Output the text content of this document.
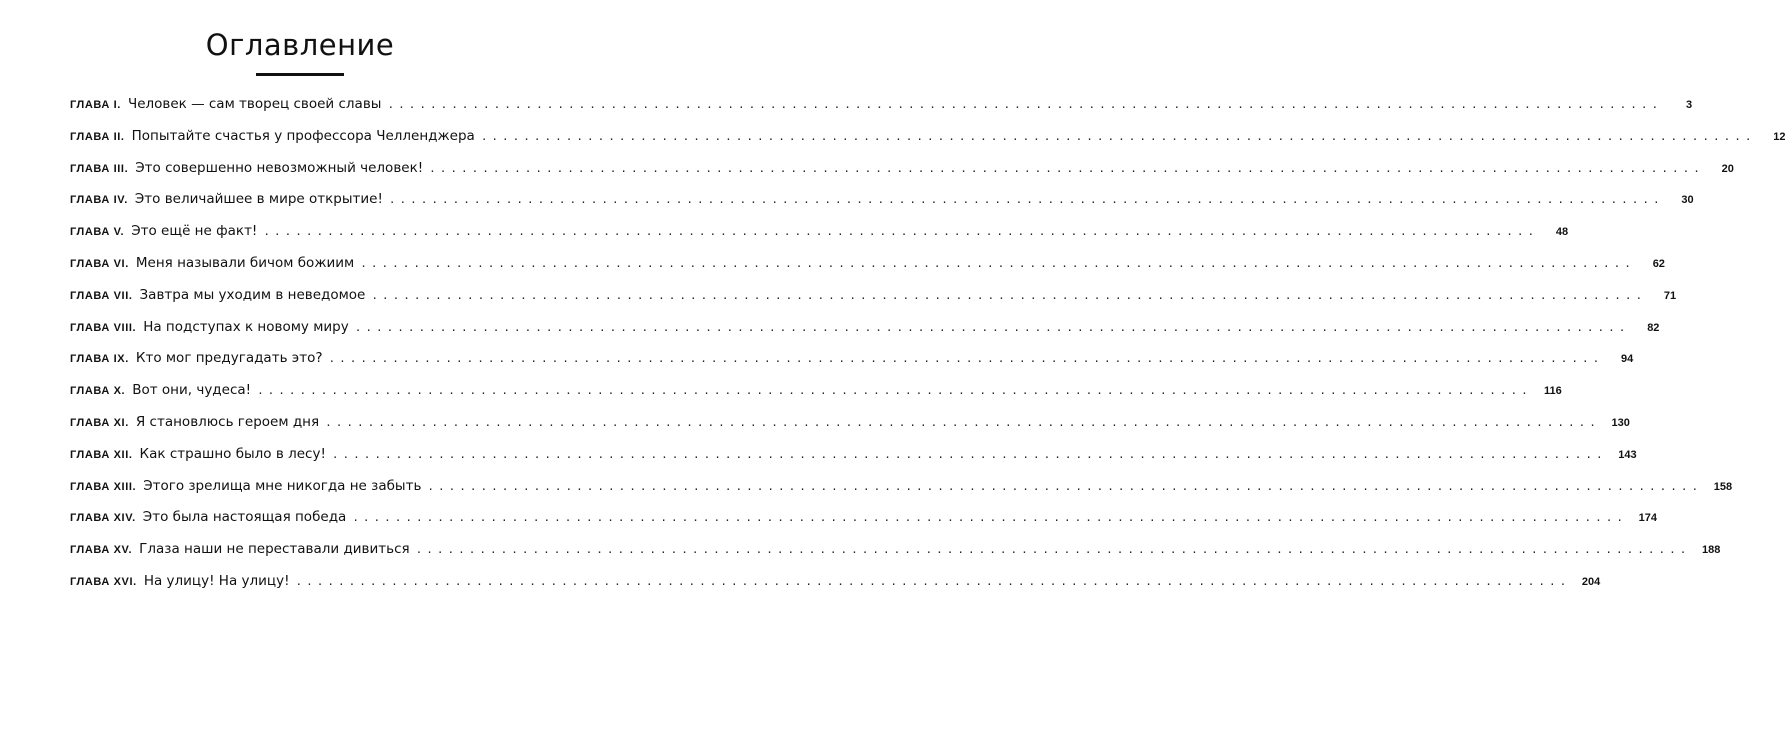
Оглавление
ГЛАВА I. Человек — сам творец своей славы ........................................................................................................................	3
ГЛАВА II. Попытайте счастья у профессора Челленджера ........................................................................................................................	12
ГЛАВА III. Это совершенно невозможный человек! ........................................................................................................................	20
ГЛАВА IV. Это величайшее в мире открытие! ........................................................................................................................	30
ГЛАВА V. Это ещё не факт! ........................................................................................................................	48
ГЛАВА VI. Меня называли бичом божиим ........................................................................................................................	62
ГЛАВА VII. Завтра мы уходим в неведомое ........................................................................................................................	71
ГЛАВА VIII. На подступах к новому миру ........................................................................................................................	82
ГЛАВА IX. Кто мог предугадать это? ........................................................................................................................	94
ГЛАВА X. Вот они, чудеса! ........................................................................................................................	116
ГЛАВА XI. Я становлюсь героем дня ........................................................................................................................	130
ГЛАВА XII. Как страшно было в лесу! ........................................................................................................................	143
ГЛАВА XIII. Этого зрелища мне никогда не забыть ........................................................................................................................	158
ГЛАВА XIV. Это была настоящая победа ........................................................................................................................	174
ГЛАВА XV. Глаза наши не переставали дивиться ........................................................................................................................	188
ГЛАВА XVI. На улицу! На улицу! ........................................................................................................................	204
